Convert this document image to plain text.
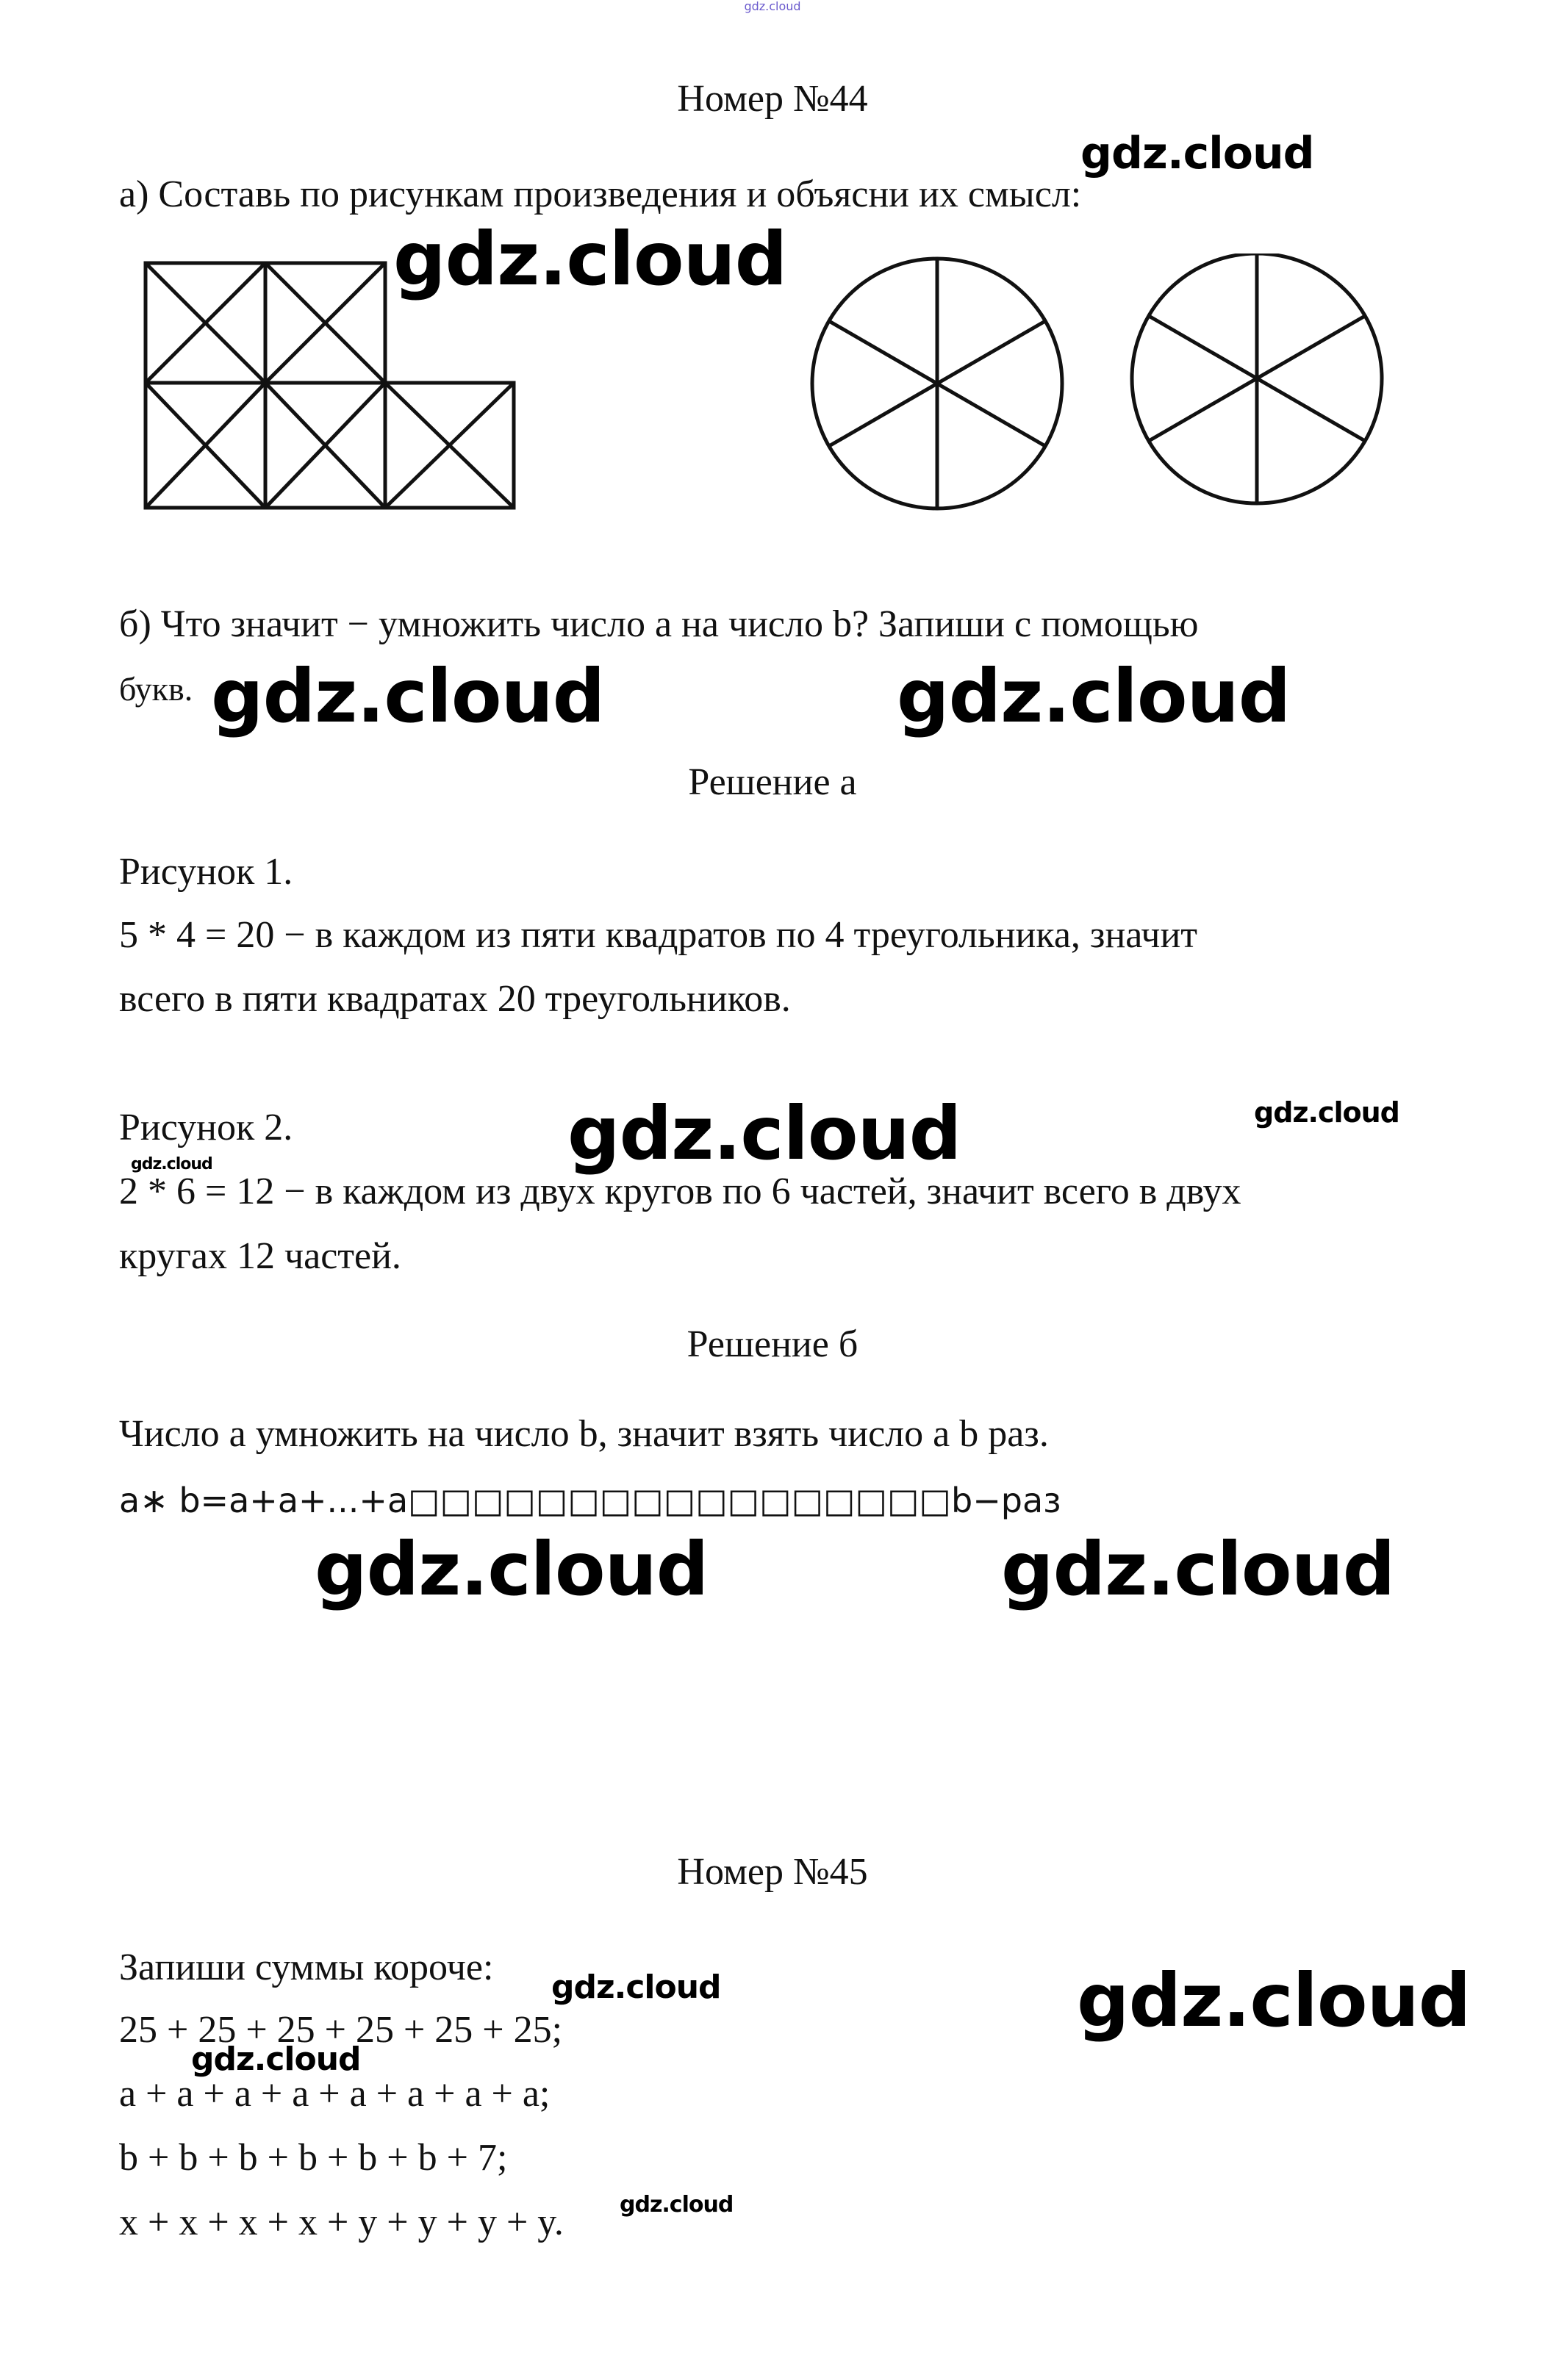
gdz.cloud
Номер №44
а) Составь по рисункам произведения и объясни их смысл:
б) Что значит − умножить число а на число b? Запиши с помощью
букв.
Решение а
Рисунок 1.
5 * 4 = 20 − в каждом из пяти квадратов по 4 треугольника, значит
всего в пяти квадратах 20 треугольников.
Рисунок 2.
2 * 6 = 12 − в каждом из двух кругов по 6 частей, значит всего в двух
кругах 12 частей.
Решение б
Число а умножить на число b, значит взять число а b раз.
a∗ b=a+a+...+a□□□□□□□□□□□□□□□□□b−раз
Номер №45
Запиши суммы короче:
25 + 25 + 25 + 25 + 25 + 25;
a + a + a + a + a + a + a + a;
b + b + b + b + b + b + 7;
x + x + x + x + y + y + y + y.
gdz.cloud
gdz.cloud
gdz.cloud	gdz.cloud
gdz.cloud	gdz.cloud
gdz.cloud
gdz.cloud	gdz.cloud
gdz.cloud	gdz.cloud
gdz.cloud
gdz.cloud
